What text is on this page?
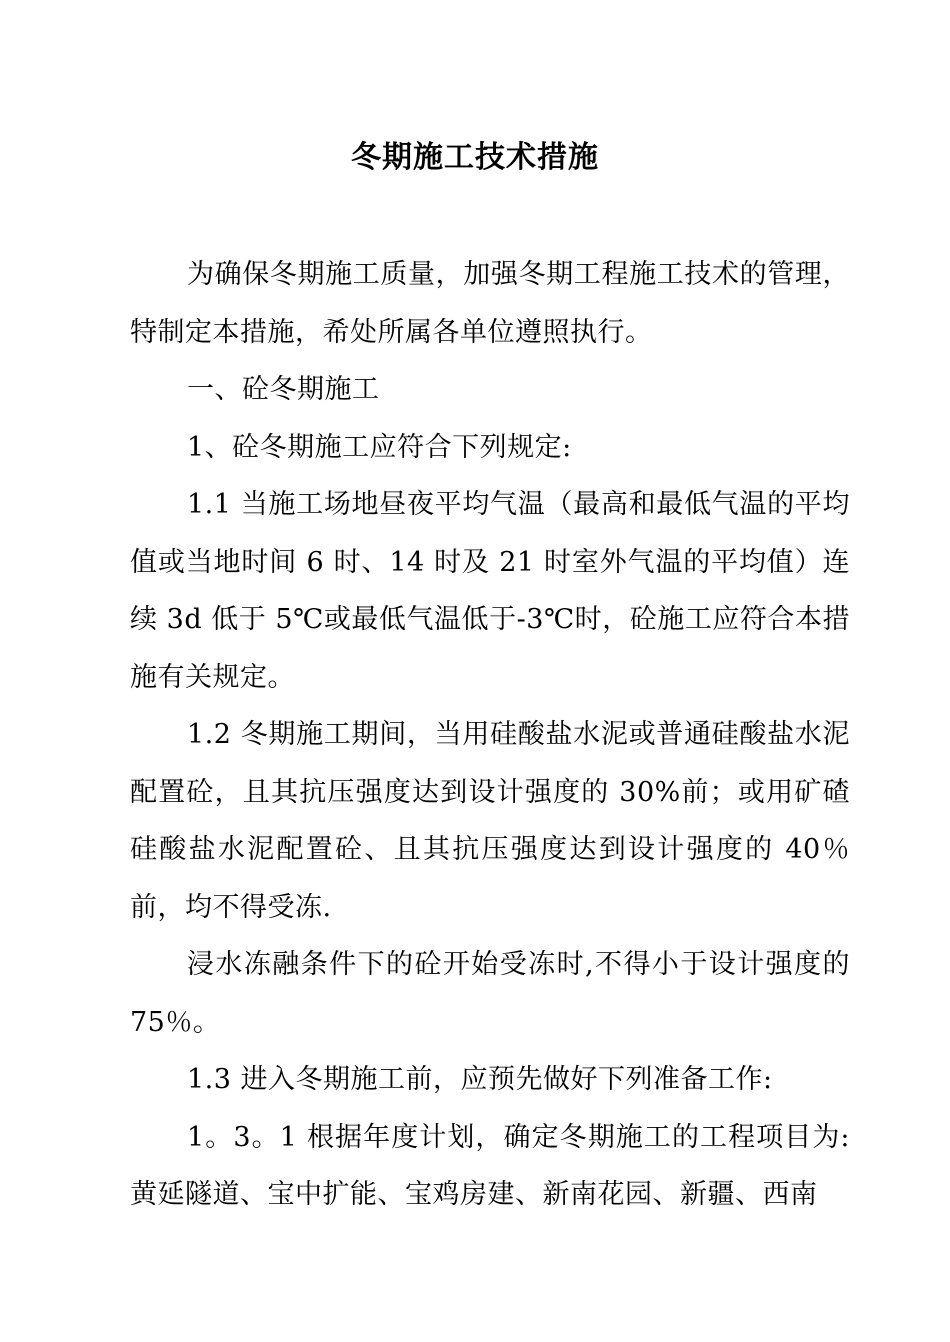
冬期施工技术措施

为确保冬期施工质量，加强冬期工程施工技术的管理，特制定本措施，希处所属各单位遵照执行。

一、砼冬期施工

1、砼冬期施工应符合下列规定:

1.1 当施工场地昼夜平均气温（最高和最低气温的平均值或当地时间 6 时、14 时及 21 时室外气温的平均值）连续 3d 低于 5℃或最低气温低于-3℃时，砼施工应符合本措施有关规定。

1.2 冬期施工期间，当用硅酸盐水泥或普通硅酸盐水泥配置砼，且其抗压强度达到设计强度的 30%前；或用矿碴硅酸盐水泥配置砼、且其抗压强度达到设计强度的 40％前，均不得受冻.

浸水冻融条件下的砼开始受冻时,不得小于设计强度的 75％。

1.3 进入冬期施工前，应预先做好下列准备工作:

1。3。1 根据年度计划，确定冬期施工的工程项目为:黄延隧道、宝中扩能、宝鸡房建、新南花园、新疆、西南
